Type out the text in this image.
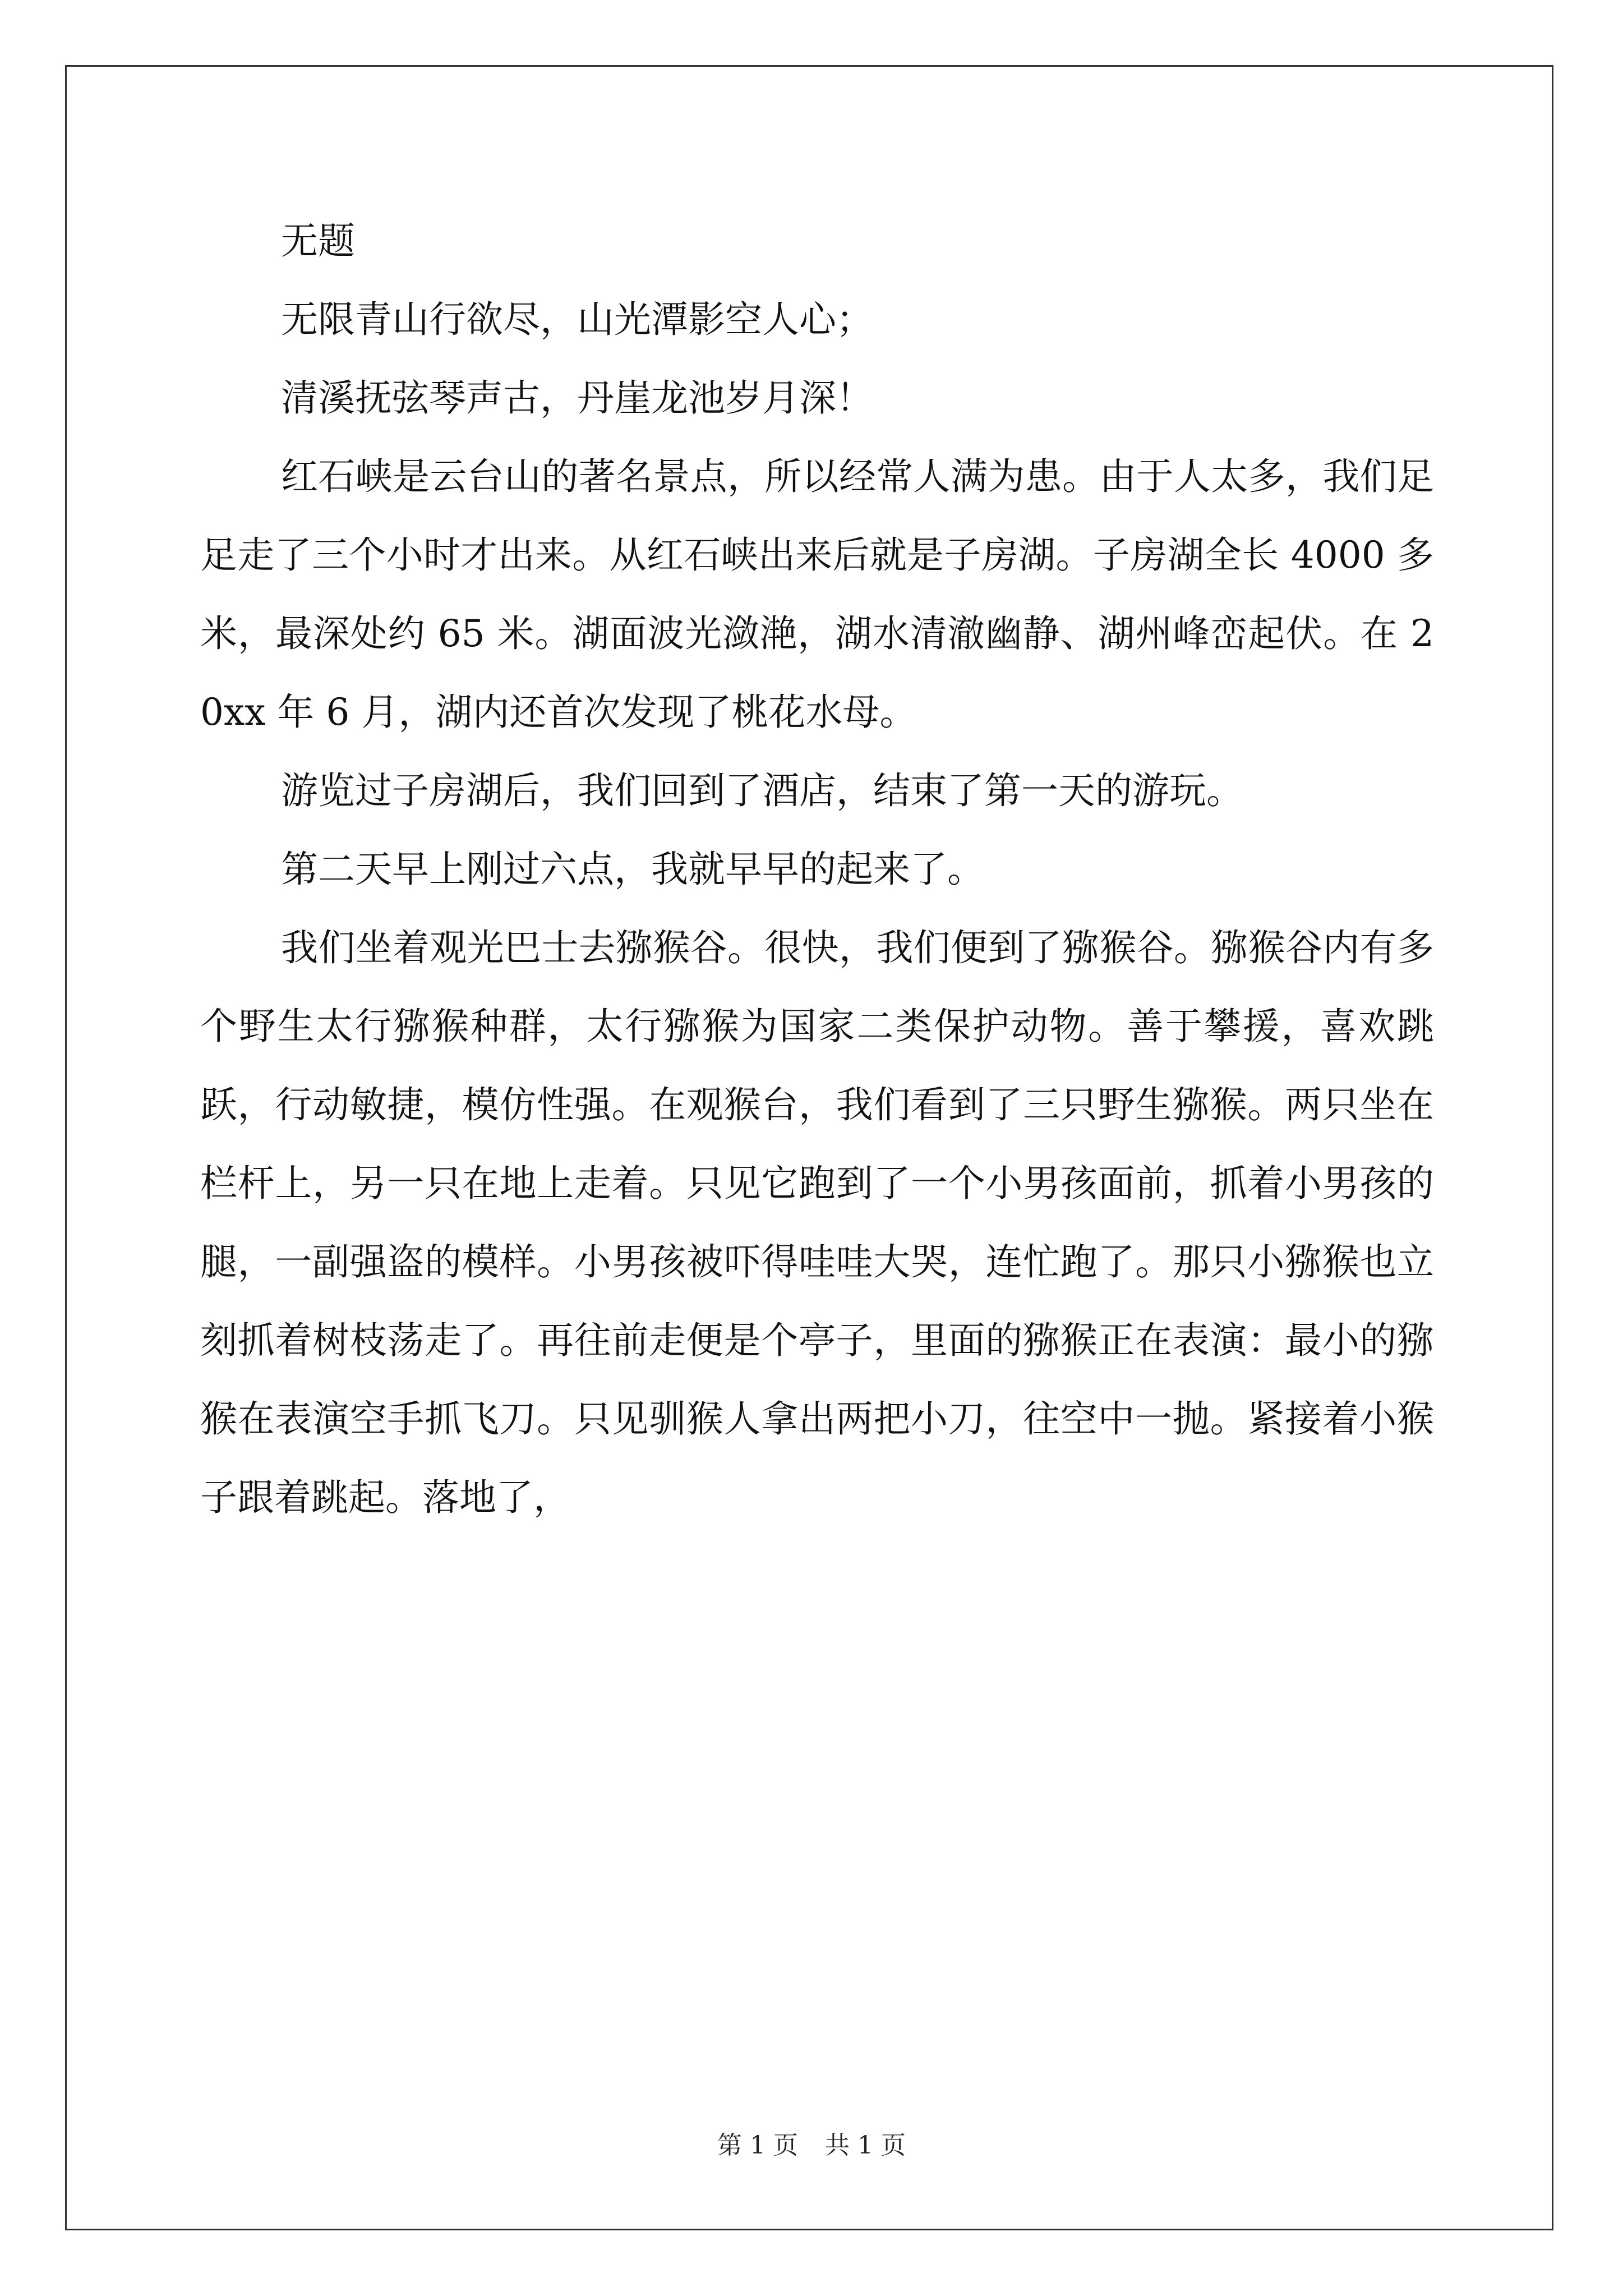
无题

无限青山行欲尽，山光潭影空人心；

清溪抚弦琴声古，丹崖龙池岁月深！

红石峡是云台山的著名景点，所以经常人满为患。由于人太多，我们足足走了三个小时才出来。从红石峡出来后就是子房湖。子房湖全长 4000 多米，最深处约 65 米。湖面波光潋滟，湖水清澈幽静、湖州峰峦起伏。在 20xx 年 6 月，湖内还首次发现了桃花水母。

游览过子房湖后，我们回到了酒店，结束了第一天的游玩。

第二天早上刚过六点，我就早早的起来了。

我们坐着观光巴士去猕猴谷。很快，我们便到了猕猴谷。猕猴谷内有多个野生太行猕猴种群，太行猕猴为国家二类保护动物。善于攀援，喜欢跳跃，行动敏捷，模仿性强。在观猴台，我们看到了三只野生猕猴。两只坐在栏杆上，另一只在地上走着。只见它跑到了一个小男孩面前，抓着小男孩的腿，一副强盗的模样。小男孩被吓得哇哇大哭，连忙跑了。那只小猕猴也立刻抓着树枝荡走了。再往前走便是个亭子，里面的猕猴正在表演：最小的猕猴在表演空手抓飞刀。只见驯猴人拿出两把小刀，往空中一抛。紧接着小猴子跟着跳起。落地了，

第 1 页 共 1 页
